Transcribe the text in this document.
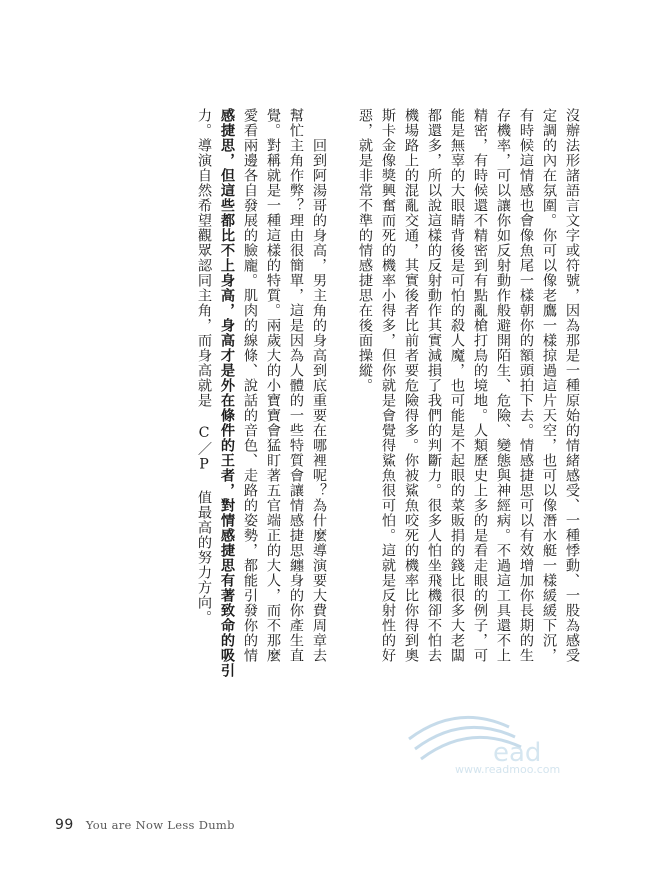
沒辦法形諸語言文字或符號，因為那是一種原始的情緒感受、一種悸動、一股為感受
定調的內在氛圍。你可以像老鷹一樣掠過這片天空，也可以像潛水艇一樣緩緩下沉，
有時候這情感也會像魚尾一樣朝你的額頭拍下去。情感捷思可以有效增加你長期的生
存機率，可以讓你如反射動作般避開陌生、危險、變態與神經病。不過這工具還不上
精密，有時候還不精密到有點亂槍打鳥的境地。人類歷史上多的是看走眼的例子，可
能是無辜的大眼睛背後是可怕的殺人魔，也可能是不起眼的菜販捐的錢比很多大老闆
都還多，所以說這樣的反射動作其實減損了我們的判斷力。很多人怕坐飛機卻不怕去
機場路上的混亂交通，其實後者比前者要危險得多。你被鯊魚咬死的機率比你得到奧
斯卡金像獎興奮而死的機率小得多，但你就是會覺得鯊魚很可怕。這就是反射性的好
惡，就是非常不準的情感捷思在後面操縱。
　　回到阿湯哥的身高，男主角的身高到底重要在哪裡呢？為什麼導演要大費周章去
幫忙主角作弊？理由很簡單，這是因為人體的一些特質會讓情感捷思纏身的你產生直
覺。對稱就是一種這樣的特質。兩歲大的小寶寶會猛盯著五官端正的大人，而不那麼
愛看兩邊各自發展的臉龐。肌肉的線條、說話的音色、走路的姿勢，都能引發你的情
感捷思，但這些都比不上身高，身高才是外在條件的王者，對情感捷思有著致命的吸引
力。導演自然希望觀眾認同主角，而身高就是 C／P 值最高的努力方向。
ead
www.readmoo.com
99 You are Now Less Dumb
